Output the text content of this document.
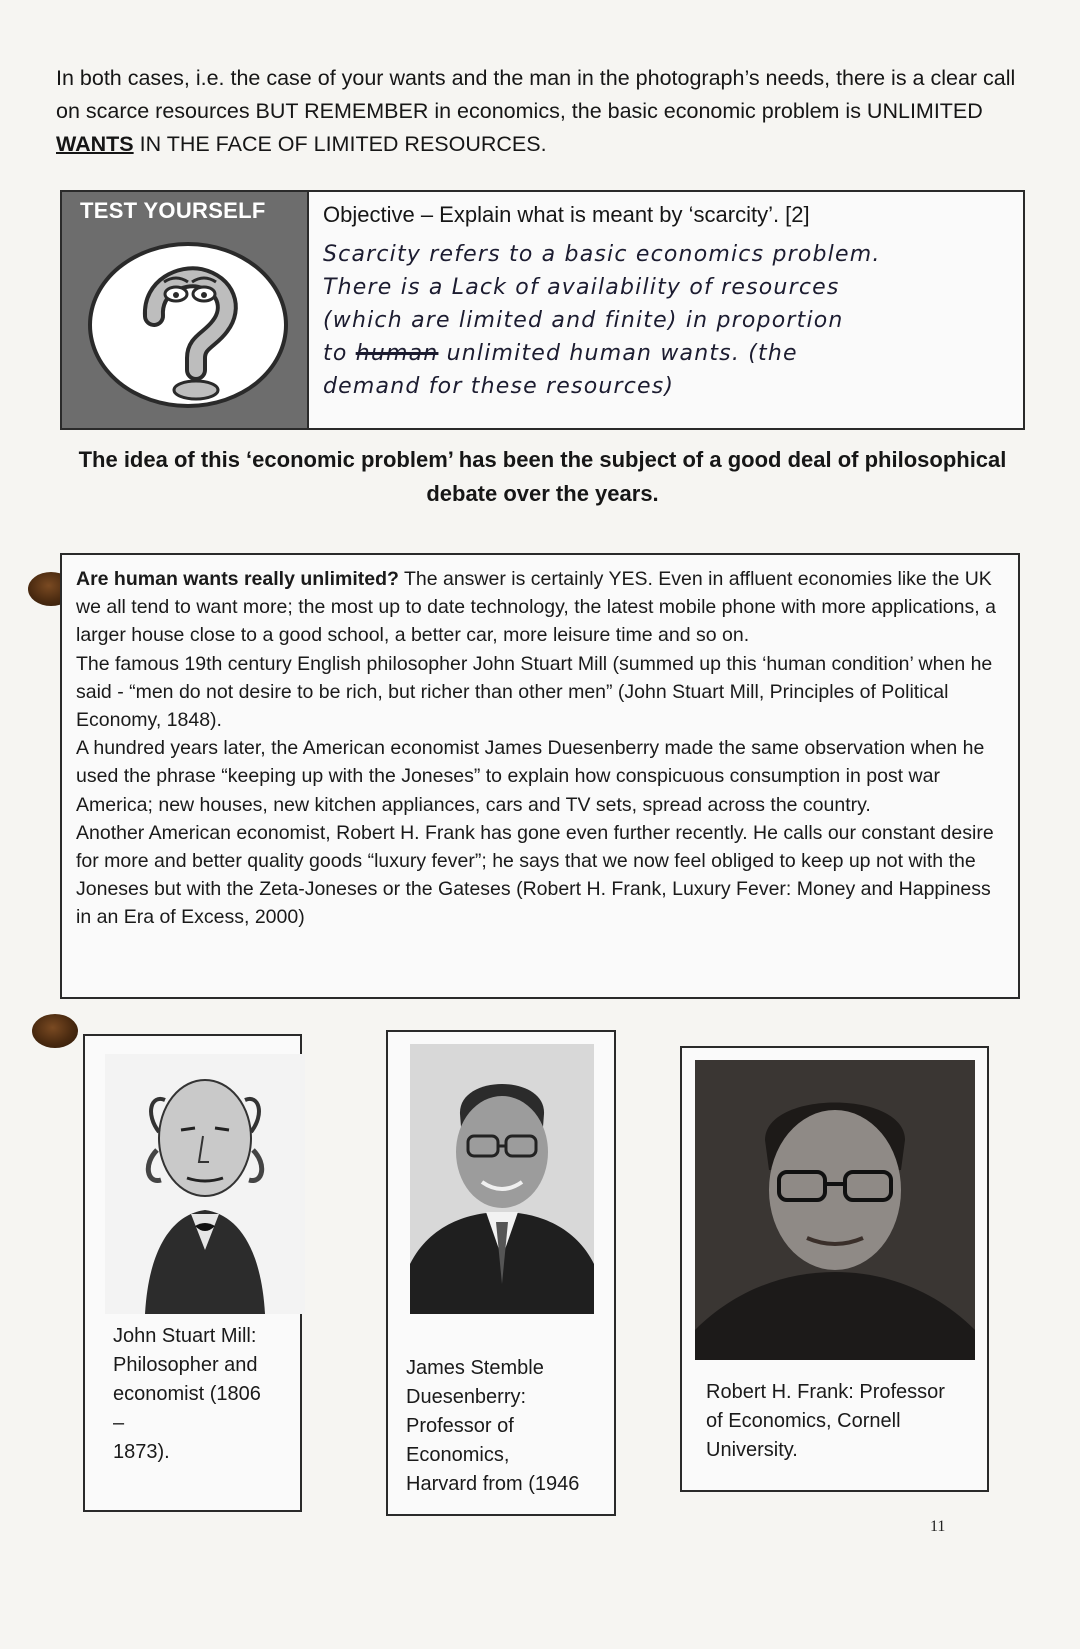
In both cases, i.e. the case of your wants and the man in the photograph’s needs, there is a clear call on scarce resources BUT REMEMBER in economics, the basic economic problem is UNLIMITED WANTS IN THE FACE OF LIMITED RESOURCES.
TEST YOURSELF	Objective – Explain what is meant by ‘scarcity’. [2]
Scarcity refers to a basic economics problem.
There is a Lack of availability of resources
(which are limited and finite) in proportion
to human unlimited human wants. (the
demand for these resources)
The idea of this ‘economic problem’ has been the subject of a good deal of philosophical debate over the years.

Are human wants really unlimited? The answer is certainly YES. Even in affluent economies like the UK we all tend to want more; the most up to date technology, the latest mobile phone with more applications, a larger house close to a good school, a better car, more leisure time and so on.

The famous 19th century English philosopher John Stuart Mill (summed up this ‘human condition’ when he

said - “men do not desire to be rich, but richer than other men” (John Stuart Mill, Principles of Political Economy, 1848).

A hundred years later, the American economist James Duesenberry made the same observation when he used the phrase “keeping up with the Joneses” to explain how conspicuous consumption in post war America; new houses, new kitchen appliances, cars and TV sets, spread across the country.

Another American economist, Robert H. Frank has gone even further recently. He calls our constant desire

for more and better quality goods “luxury fever”; he says that we now feel obliged to keep up not with the Joneses but with the Zeta-Joneses or the Gateses (Robert H. Frank, Luxury Fever: Money and Happiness in an Era of Excess, 2000)

John Stuart Mill:
Philosopher and
economist (1806
–
1873).
James Stemble
Duesenberry:
Professor of
Economics,
Harvard from (1946
Robert H. Frank: Professor
of Economics, Cornell
University.
11
